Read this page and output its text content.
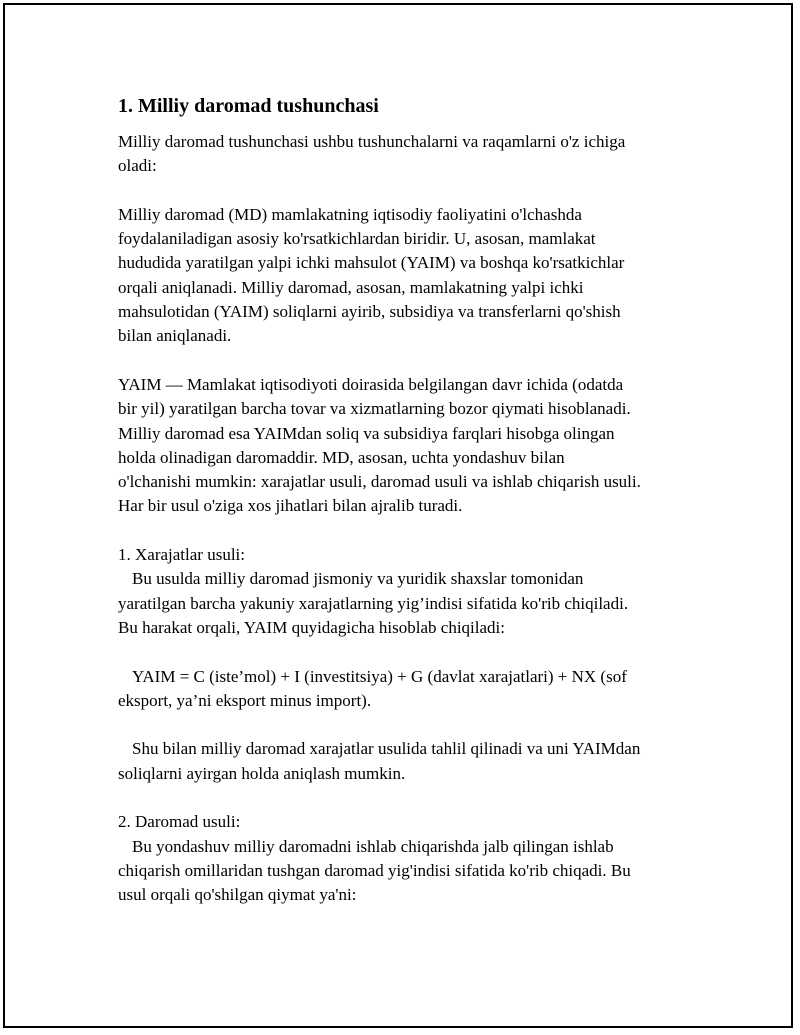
1. Milliy daromad tushunchasi

Milliy daromad tushunchasi ushbu tushunchalarni va raqamlarni o'z ichiga
oladi:

Milliy daromad (MD) mamlakatning iqtisodiy faoliyatini o'lchashda
foydalaniladigan asosiy ko'rsatkichlardan biridir. U, asosan, mamlakat
hududida yaratilgan yalpi ichki mahsulot (YAIM) va boshqa ko'rsatkichlar
orqali aniqlanadi. Milliy daromad, asosan, mamlakatning yalpi ichki
mahsulotidan (YAIM) soliqlarni ayirib, subsidiya va transferlarni qo'shish
bilan aniqlanadi.

YAIM — Mamlakat iqtisodiyoti doirasida belgilangan davr ichida (odatda
bir yil) yaratilgan barcha tovar va xizmatlarning bozor qiymati hisoblanadi.
Milliy daromad esa YAIMdan soliq va subsidiya farqlari hisobga olingan
holda olinadigan daromaddir. MD, asosan, uchta yondashuv bilan
o'lchanishi mumkin: xarajatlar usuli, daromad usuli va ishlab chiqarish usuli.
Har bir usul o'ziga xos jihatlari bilan ajralib turadi.

1. Xarajatlar usuli:
Bu usulda milliy daromad jismoniy va yuridik shaxslar tomonidan
yaratilgan barcha yakuniy xarajatlarning yig’indisi sifatida ko'rib chiqiladi.
Bu harakat orqali, YAIM quyidagicha hisoblab chiqiladi:

YAIM = C (iste’mol) + I (investitsiya) + G (davlat xarajatlari) + NX (sof
eksport, ya’ni eksport minus import).

Shu bilan milliy daromad xarajatlar usulida tahlil qilinadi va uni YAIMdan
soliqlarni ayirgan holda aniqlash mumkin.

2. Daromad usuli:
Bu yondashuv milliy daromadni ishlab chiqarishda jalb qilingan ishlab
chiqarish omillaridan tushgan daromad yig'indisi sifatida ko'rib chiqadi. Bu
usul orqali qo'shilgan qiymat ya'ni:
